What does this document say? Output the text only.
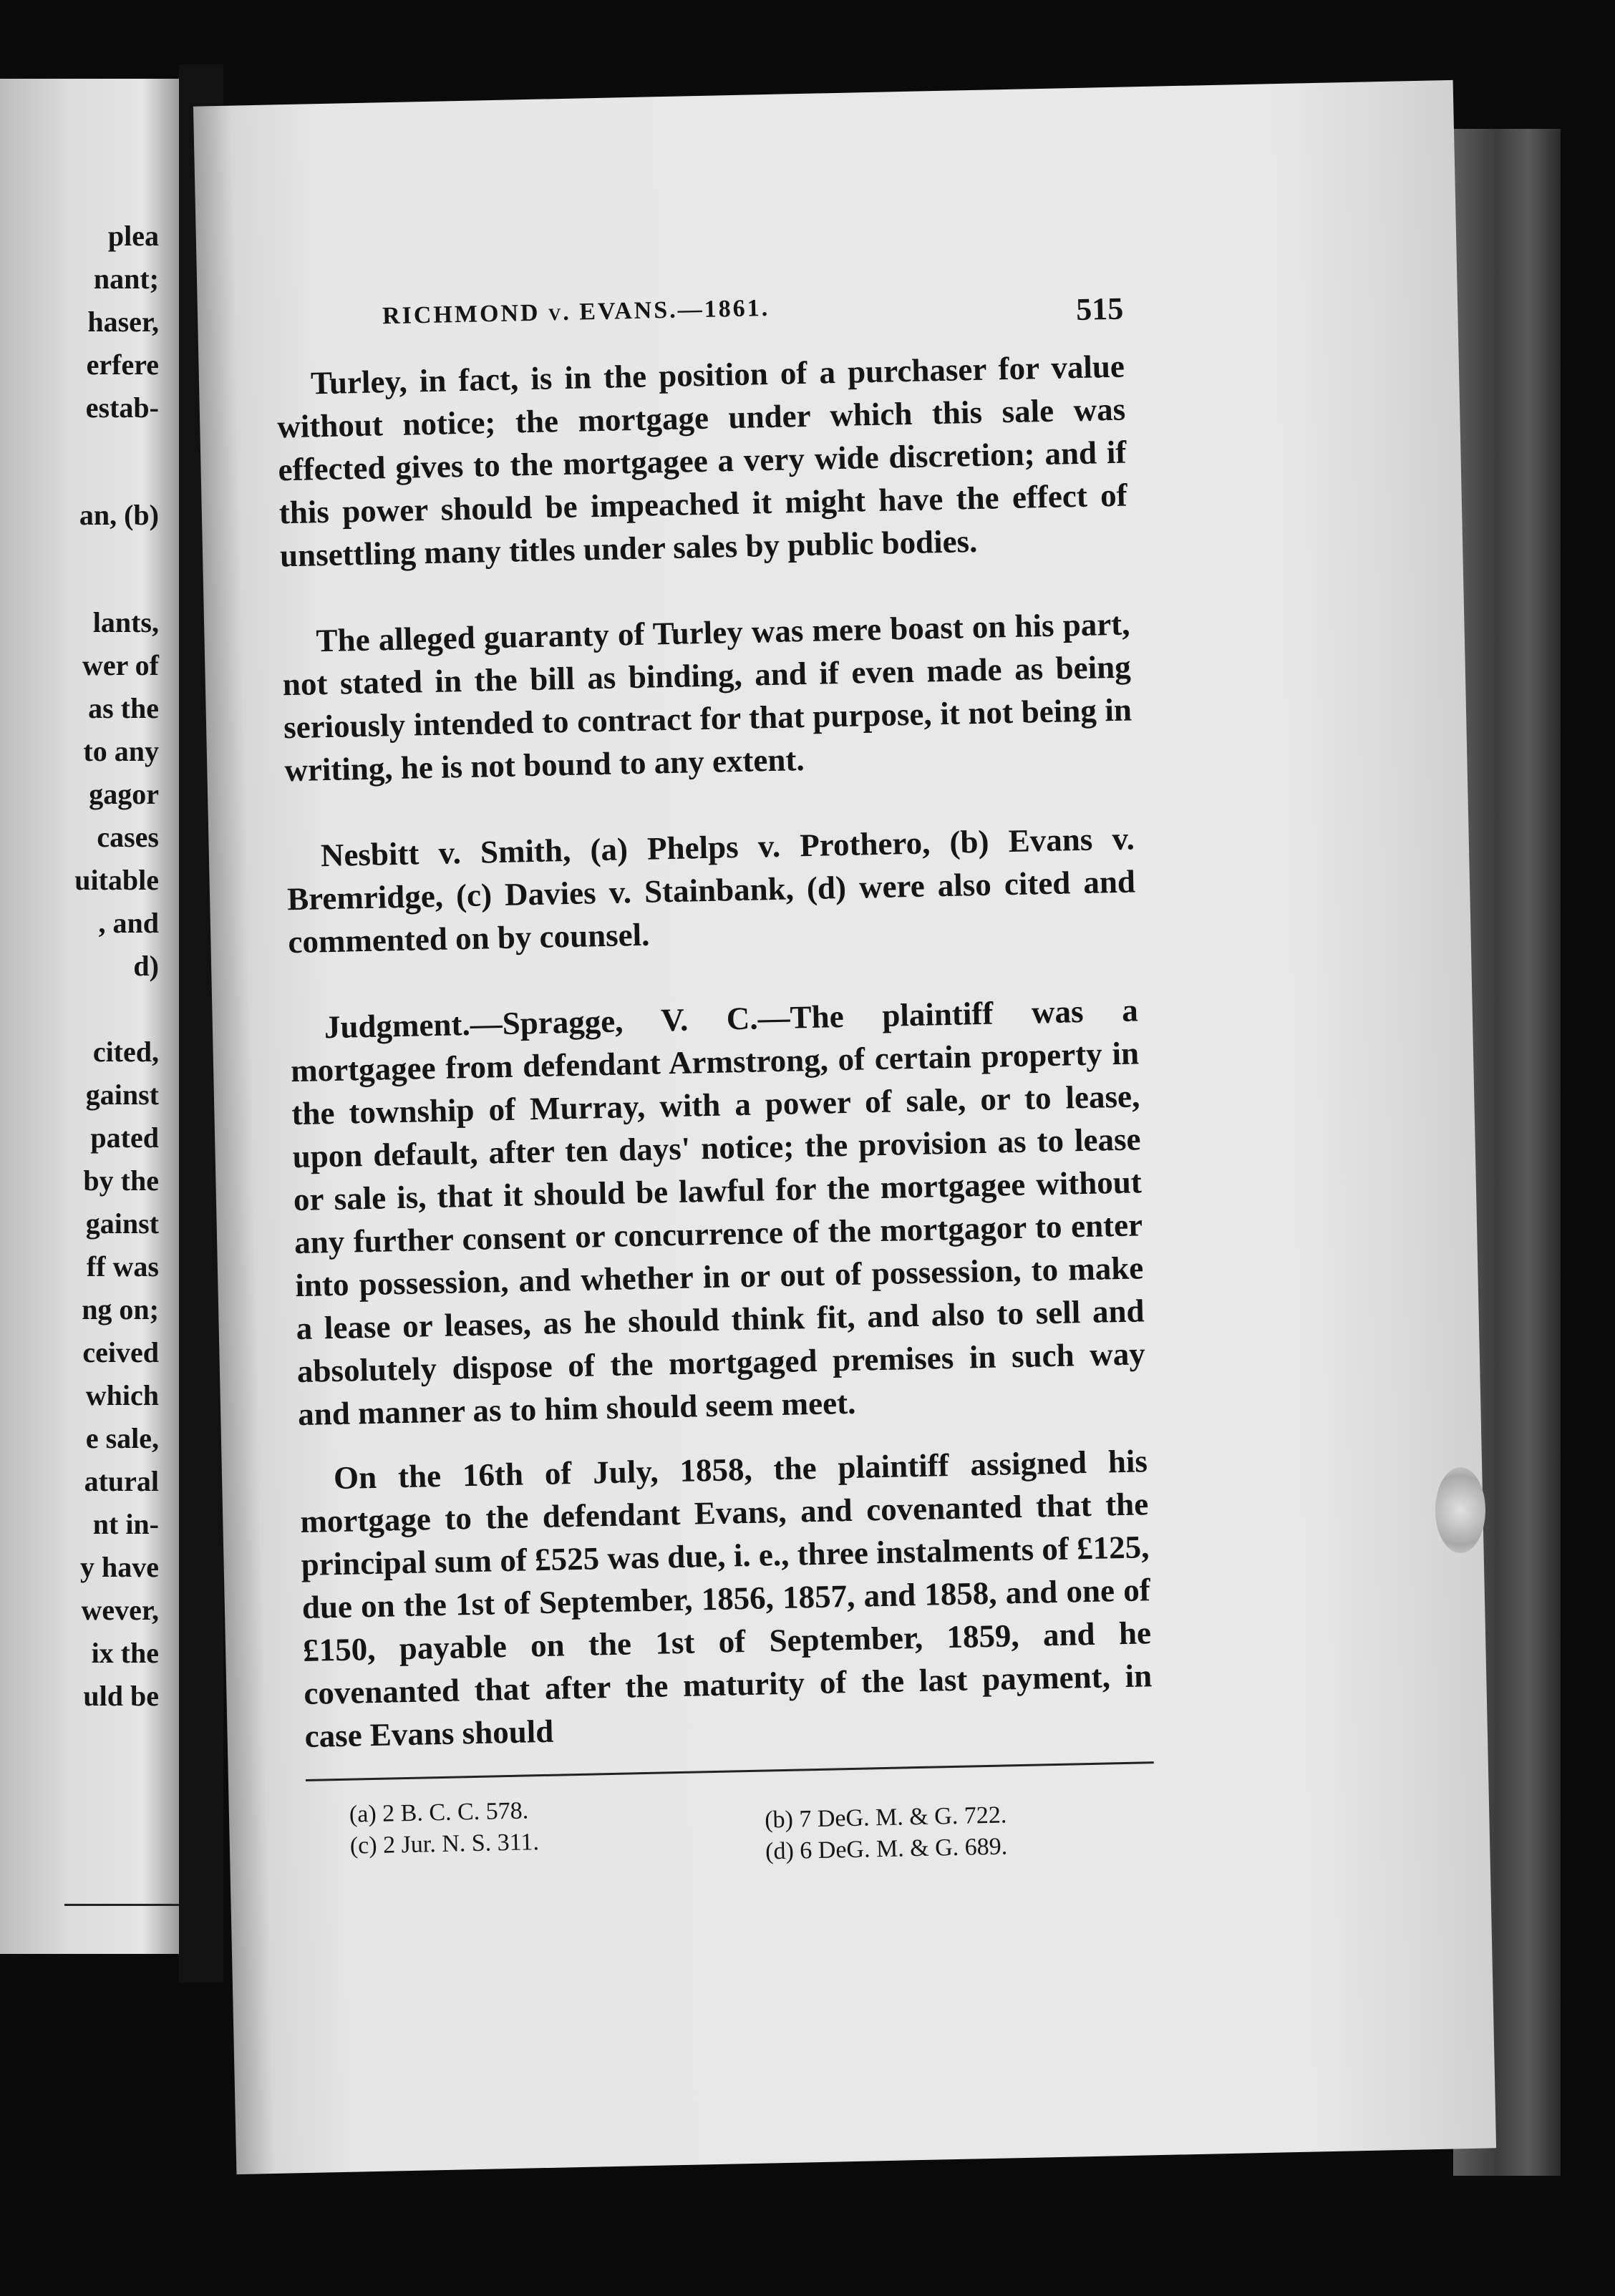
plea
nant;
haser,
erfere
estab-
an, (b)
lants,
wer of
as the
to any
gagor
cases
uitable
, and
d)
cited,
gainst
pated
by the
gainst
ff was
ng on;
ceived
which
e sale,
atural
nt in-
y have
wever,
ix the
uld be
RICHMOND v. EVANS.—1861.	515

Turley, in fact, is in the position of a purchaser for value without notice; the mortgage under which this sale was effected gives to the mortgagee a very wide discretion; and if this power should be impeached it might have the effect of unsettling many titles under sales by public bodies.

The alleged guaranty of Turley was mere boast on his part, not stated in the bill as binding, and if even made as being seriously intended to contract for that purpose, it not being in writing, he is not bound to any extent.

Nesbitt v. Smith, (a) Phelps v. Prothero, (b) Evans v. Bremridge, (c) Davies v. Stainbank, (d) were also cited and commented on by counsel.

Judgment.—Spragge, V. C.—The plaintiff was a mortgagee from defendant Armstrong, of certain property in the township of Murray, with a power of sale, or to lease, upon default, after ten days' notice; the provision as to lease or sale is, that it should be lawful for the mortgagee without any further consent or concurrence of the mortgagor to enter into possession, and whether in or out of possession, to make a lease or leases, as he should think fit, and also to sell and absolutely dispose of the mortgaged premises in such way and manner as to him should seem meet.

On the 16th of July, 1858, the plaintiff assigned his mortgage to the defendant Evans, and covenanted that the principal sum of £525 was due, i. e., three instalments of £125, due on the 1st of September, 1856, 1857, and 1858, and one of £150, payable on the 1st of September, 1859, and he covenanted that after the maturity of the last payment, in case Evans should

(a) 2 B. C. C. 578.
(c) 2 Jur. N. S. 311.
(b) 7 DeG. M. & G. 722.
(d) 6 DeG. M. & G. 689.
